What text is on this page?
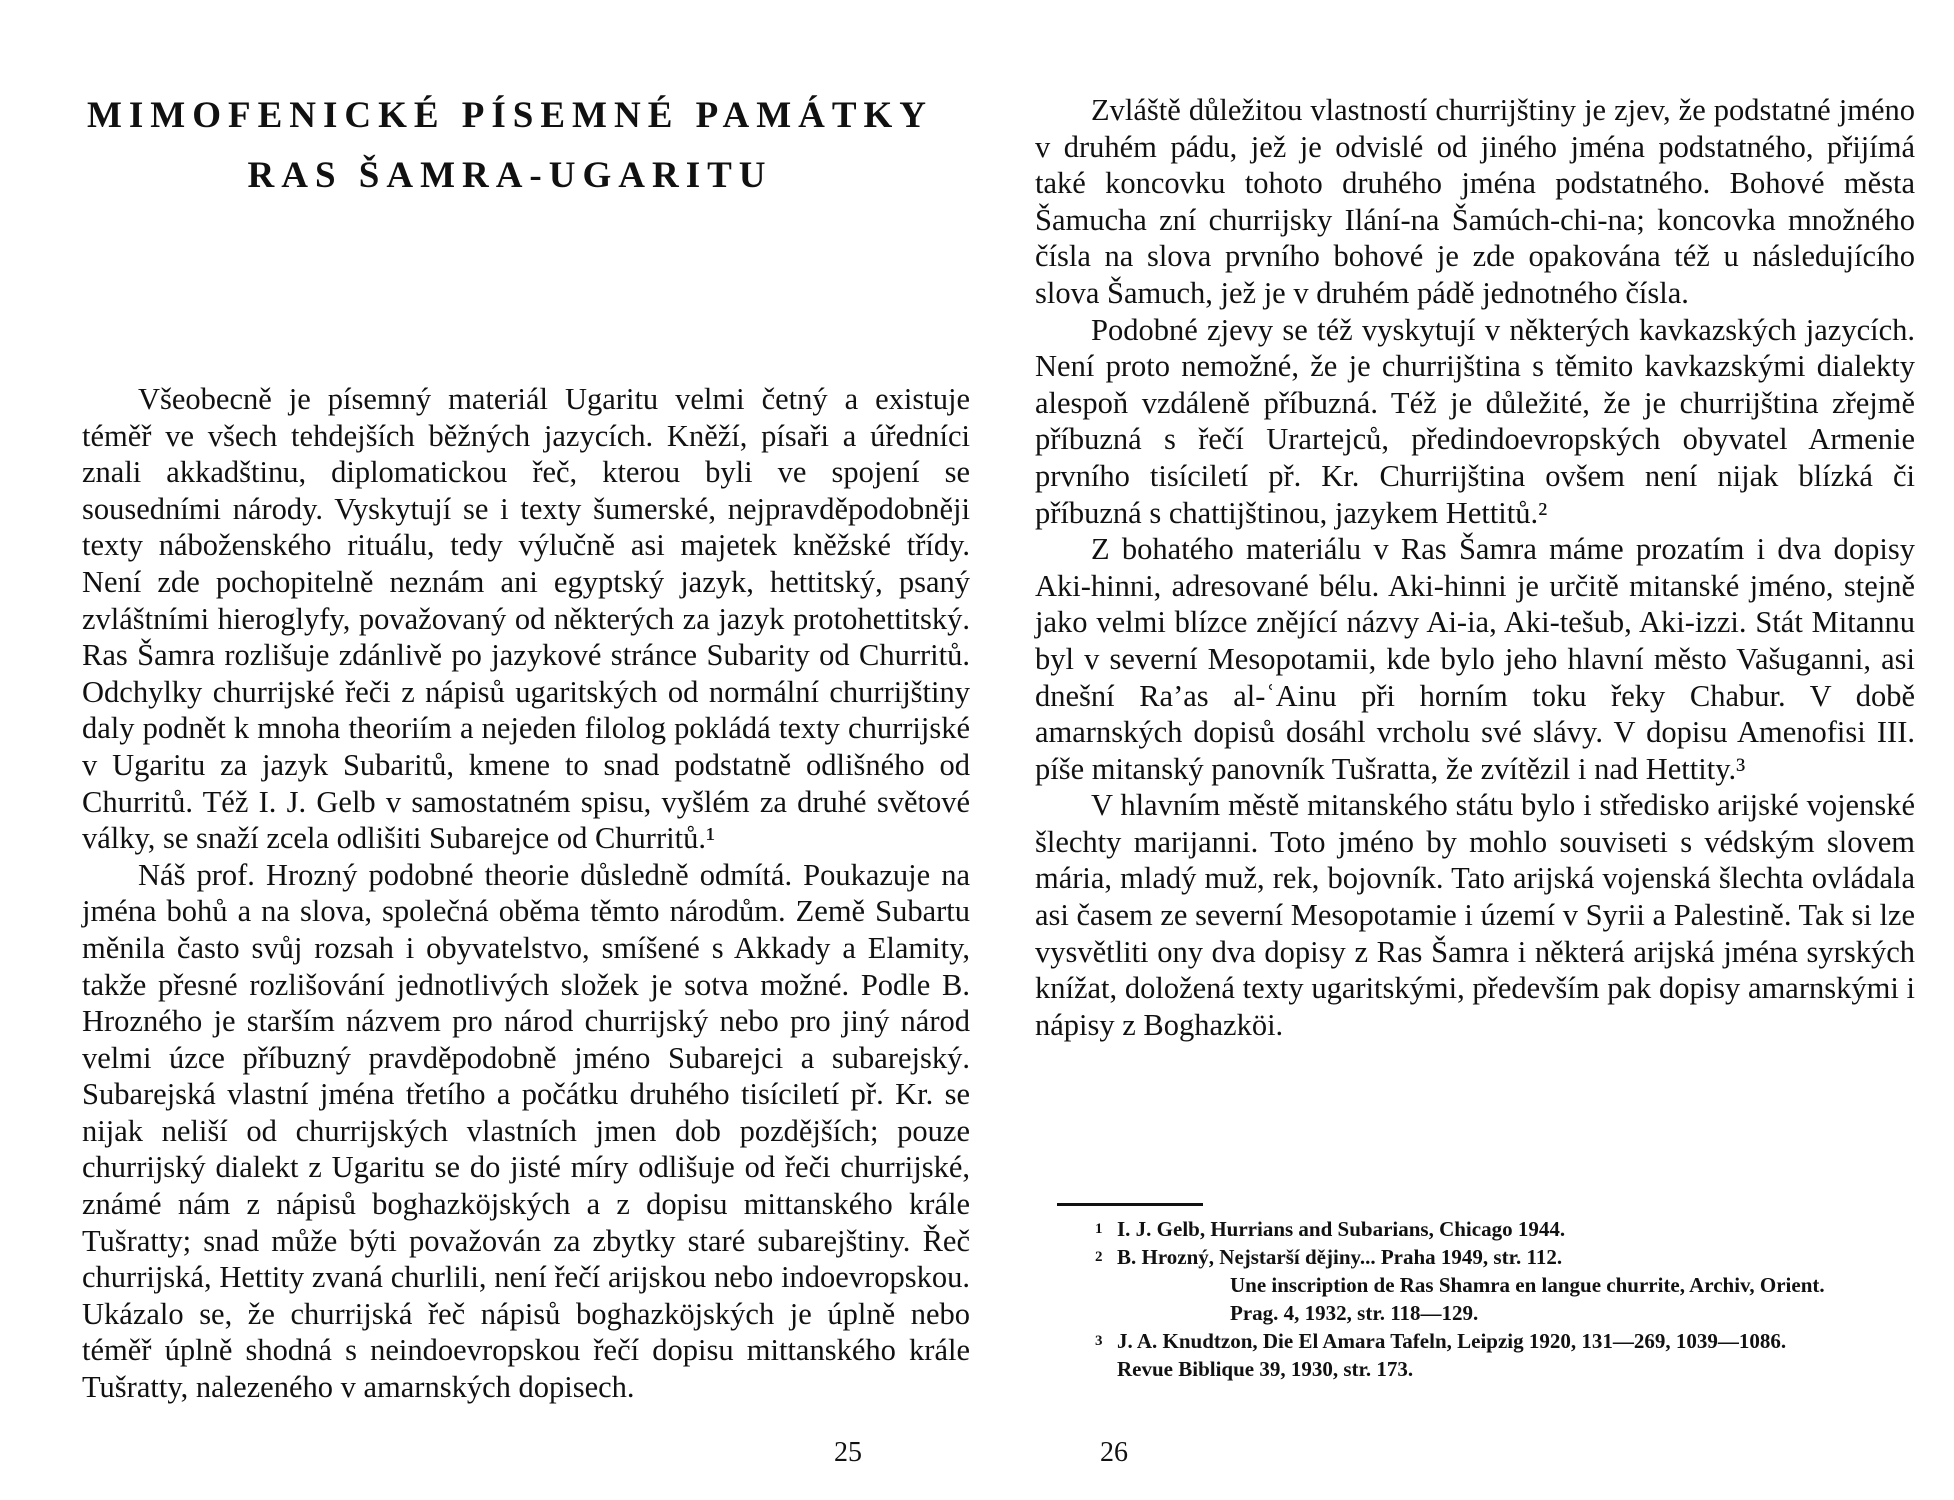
MIMOFENICKÉ PÍSEMNÉ PAMÁTKY
RAS ŠAMRA-UGARITU

Všeobecně je písemný materiál Ugaritu velmi četný a existuje téměř ve všech tehdejších běžných jazycích. Kněží, písaři a úředníci znali akkadštinu, diplomatickou řeč, kterou byli ve spojení se sousedními národy. Vyskytují se i texty šumerské, nejpravděpodobněji texty náboženského rituálu, tedy výlučně asi majetek kněžské třídy. Není zde pochopitelně neznám ani egyptský jazyk, hettitský, psaný zvláštními hieroglyfy, považovaný od některých za jazyk protohettitský. Ras Šamra rozlišuje zdánlivě po jazykové stránce Subarity od Churritů. Odchylky churrijské řeči z nápisů ugaritských od normální churrijštiny daly podnět k mnoha theoriím a nejeden filolog pokládá texty churrijské v Ugaritu za jazyk Subaritů, kmene to snad podstatně odlišného od Churritů. Též I. J. Gelb v samostatném spisu, vyšlém za druhé světové války, se snaží zcela odlišiti Subarejce od Churritů.¹

Náš prof. Hrozný podobné theorie důsledně odmítá. Poukazuje na jména bohů a na slova, společná oběma těmto národům. Země Subartu měnila často svůj rozsah i obyvatelstvo, smíšené s Akkady a Elamity, takže přesné rozlišování jednotlivých složek je sotva možné. Podle B. Hrozného je starším názvem pro národ churrijský nebo pro jiný národ velmi úzce příbuzný pravděpodobně jméno Subarejci a subarejský. Subarejská vlastní jména třetího a počátku druhého tisíciletí př. Kr. se nijak neliší od churrijských vlastních jmen dob pozdějších; pouze churrijský dialekt z Ugaritu se do jisté míry odlišuje od řeči churrijské, známé nám z nápisů boghazköjských a z dopisu mittanského krále Tušratty; snad může býti považován za zbytky staré subarejštiny. Řeč churrijská, Hettity zvaná churlili, není řečí arijskou nebo indoevropskou. Ukázalo se, že churrijská řeč nápisů boghazköjských je úplně nebo téměř úplně shodná s neindoevropskou řečí dopisu mittanského krále Tušratty, nalezeného v amarnských dopisech.

25

Zvláště důležitou vlastností churrijštiny je zjev, že podstatné jméno v druhém pádu, jež je odvislé od jiného jména podstatného, přijímá také koncovku tohoto druhého jména podstatného. Bohové města Šamucha zní churrijsky Ilání-na Šamúch-chi-na; koncovka množného čísla na slova prvního bohové je zde opakována též u následujícího slova Šamuch, jež je v druhém pádě jednotného čísla.

Podobné zjevy se též vyskytují v některých kavkazských jazycích. Není proto nemožné, že je churrijština s těmito kavkazskými dialekty alespoň vzdáleně příbuzná. Též je důležité, že je churrijština zřejmě příbuzná s řečí Urartejců, předindoevropských obyvatel Armenie prvního tisíciletí př. Kr. Churrijština ovšem není nijak blízká či příbuzná s chattijštinou, jazykem Hettitů.²

Z bohatého materiálu v Ras Šamra máme prozatím i dva dopisy Aki-hinni, adresované bélu. Aki-hinni je určitě mitanské jméno, stejně jako velmi blízce znějící názvy Ai-ia, Aki-tešub, Aki-izzi. Stát Mitannu byl v severní Mesopotamii, kde bylo jeho hlavní město Vašuganni, asi dnešní Ra’as al-ʿAinu při horním toku řeky Chabur. V době amarnských dopisů dosáhl vrcholu své slávy. V dopisu Amenofisi III. píše mitanský panovník Tušratta, že zvítězil i nad Hettity.³

V hlavním městě mitanského státu bylo i středisko arijské vojenské šlechty marijanni. Toto jméno by mohlo souviseti s védským slovem mária, mladý muž, rek, bojovník. Tato arijská vojenská šlechta ovládala asi časem ze severní Mesopotamie i území v Syrii a Palestině. Tak si lze vysvětliti ony dva dopisy z Ras Šamra i některá arijská jména syrských knížat, doložená texty ugaritskými, především pak dopisy amarnskými i nápisy z Boghazköi.

1 I. J. Gelb, Hurrians and Subarians, Chicago 1944.

2 B. Hrozný, Nejstarší dějiny... Praha 1949, str. 112.

Une inscription de Ras Shamra en langue churrite, Archiv, Orient.

Prag. 4, 1932, str. 118—129.

3 J. A. Knudtzon, Die El Amara Tafeln, Leipzig 1920, 131—269, 1039—1086.

Revue Biblique 39, 1930, str. 173.

26
